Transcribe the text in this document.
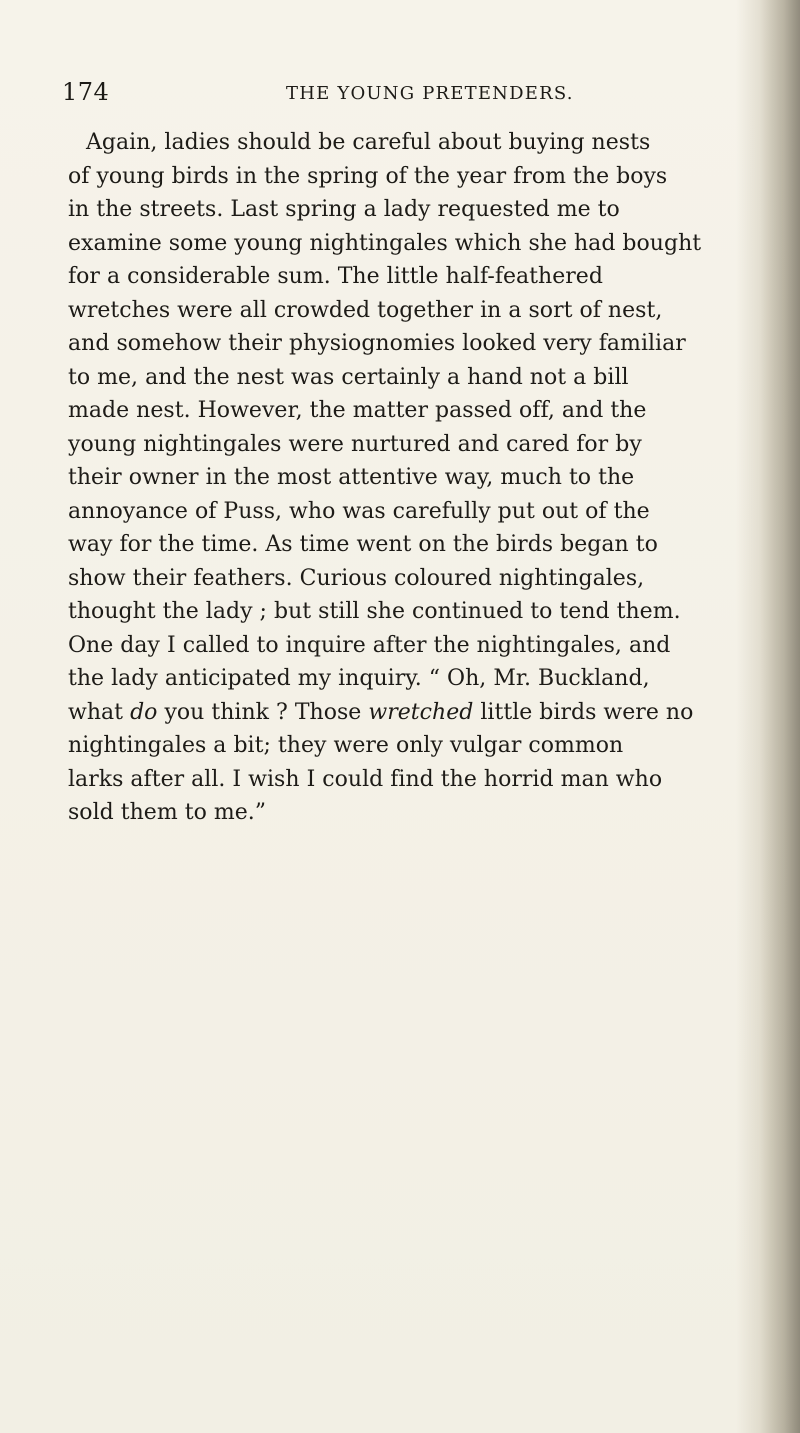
174	THE YOUNG PRETENDERS.
Again, ladies should be careful about buying nests
of young birds in the spring of the year from the boys
in the streets. Last spring a lady requested me to
examine some young nightingales which she had bought
for a considerable sum. The little half-feathered
wretches were all crowded together in a sort of nest,
and somehow their physiognomies looked very familiar
to me, and the nest was certainly a hand not a bill
made nest. However, the matter passed off, and the
young nightingales were nurtured and cared for by
their owner in the most attentive way, much to the
annoyance of Puss, who was carefully put out of the
way for the time. As time went on the birds began to
show their feathers. Curious coloured nightingales,
thought the lady ; but still she continued to tend them.
One day I called to inquire after the nightingales, and
the lady anticipated my inquiry. “ Oh, Mr. Buckland,
what do you think ? Those wretched little birds were no
nightingales a bit; they were only vulgar common
larks after all. I wish I could find the horrid man who
sold them to me.”
